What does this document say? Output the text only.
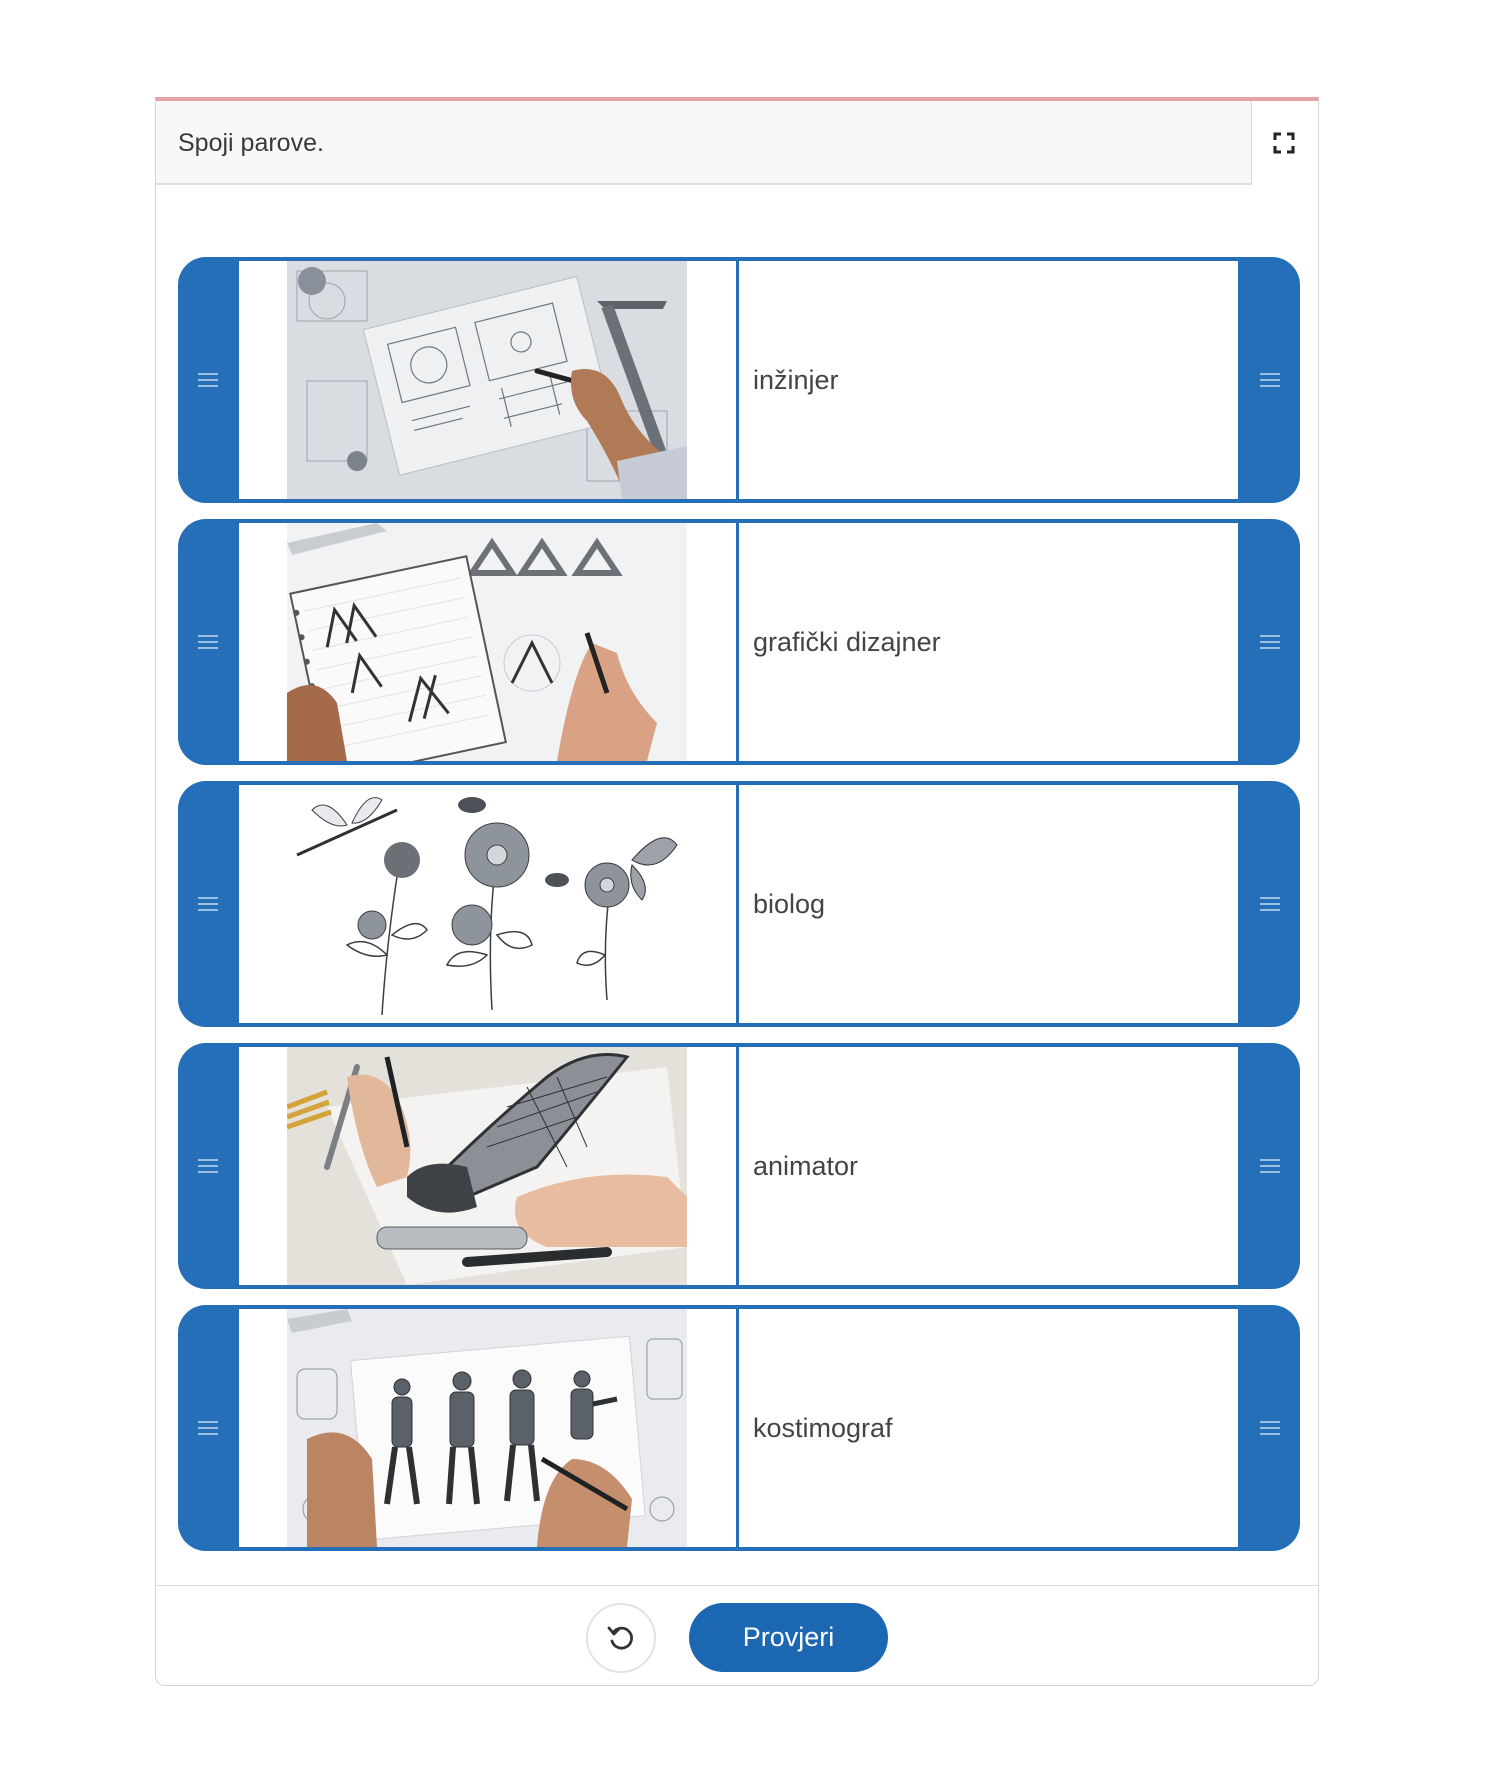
Spoji parove.
inžinjer
grafički dizajner
biolog
animator
kostimograf
Provjeri
